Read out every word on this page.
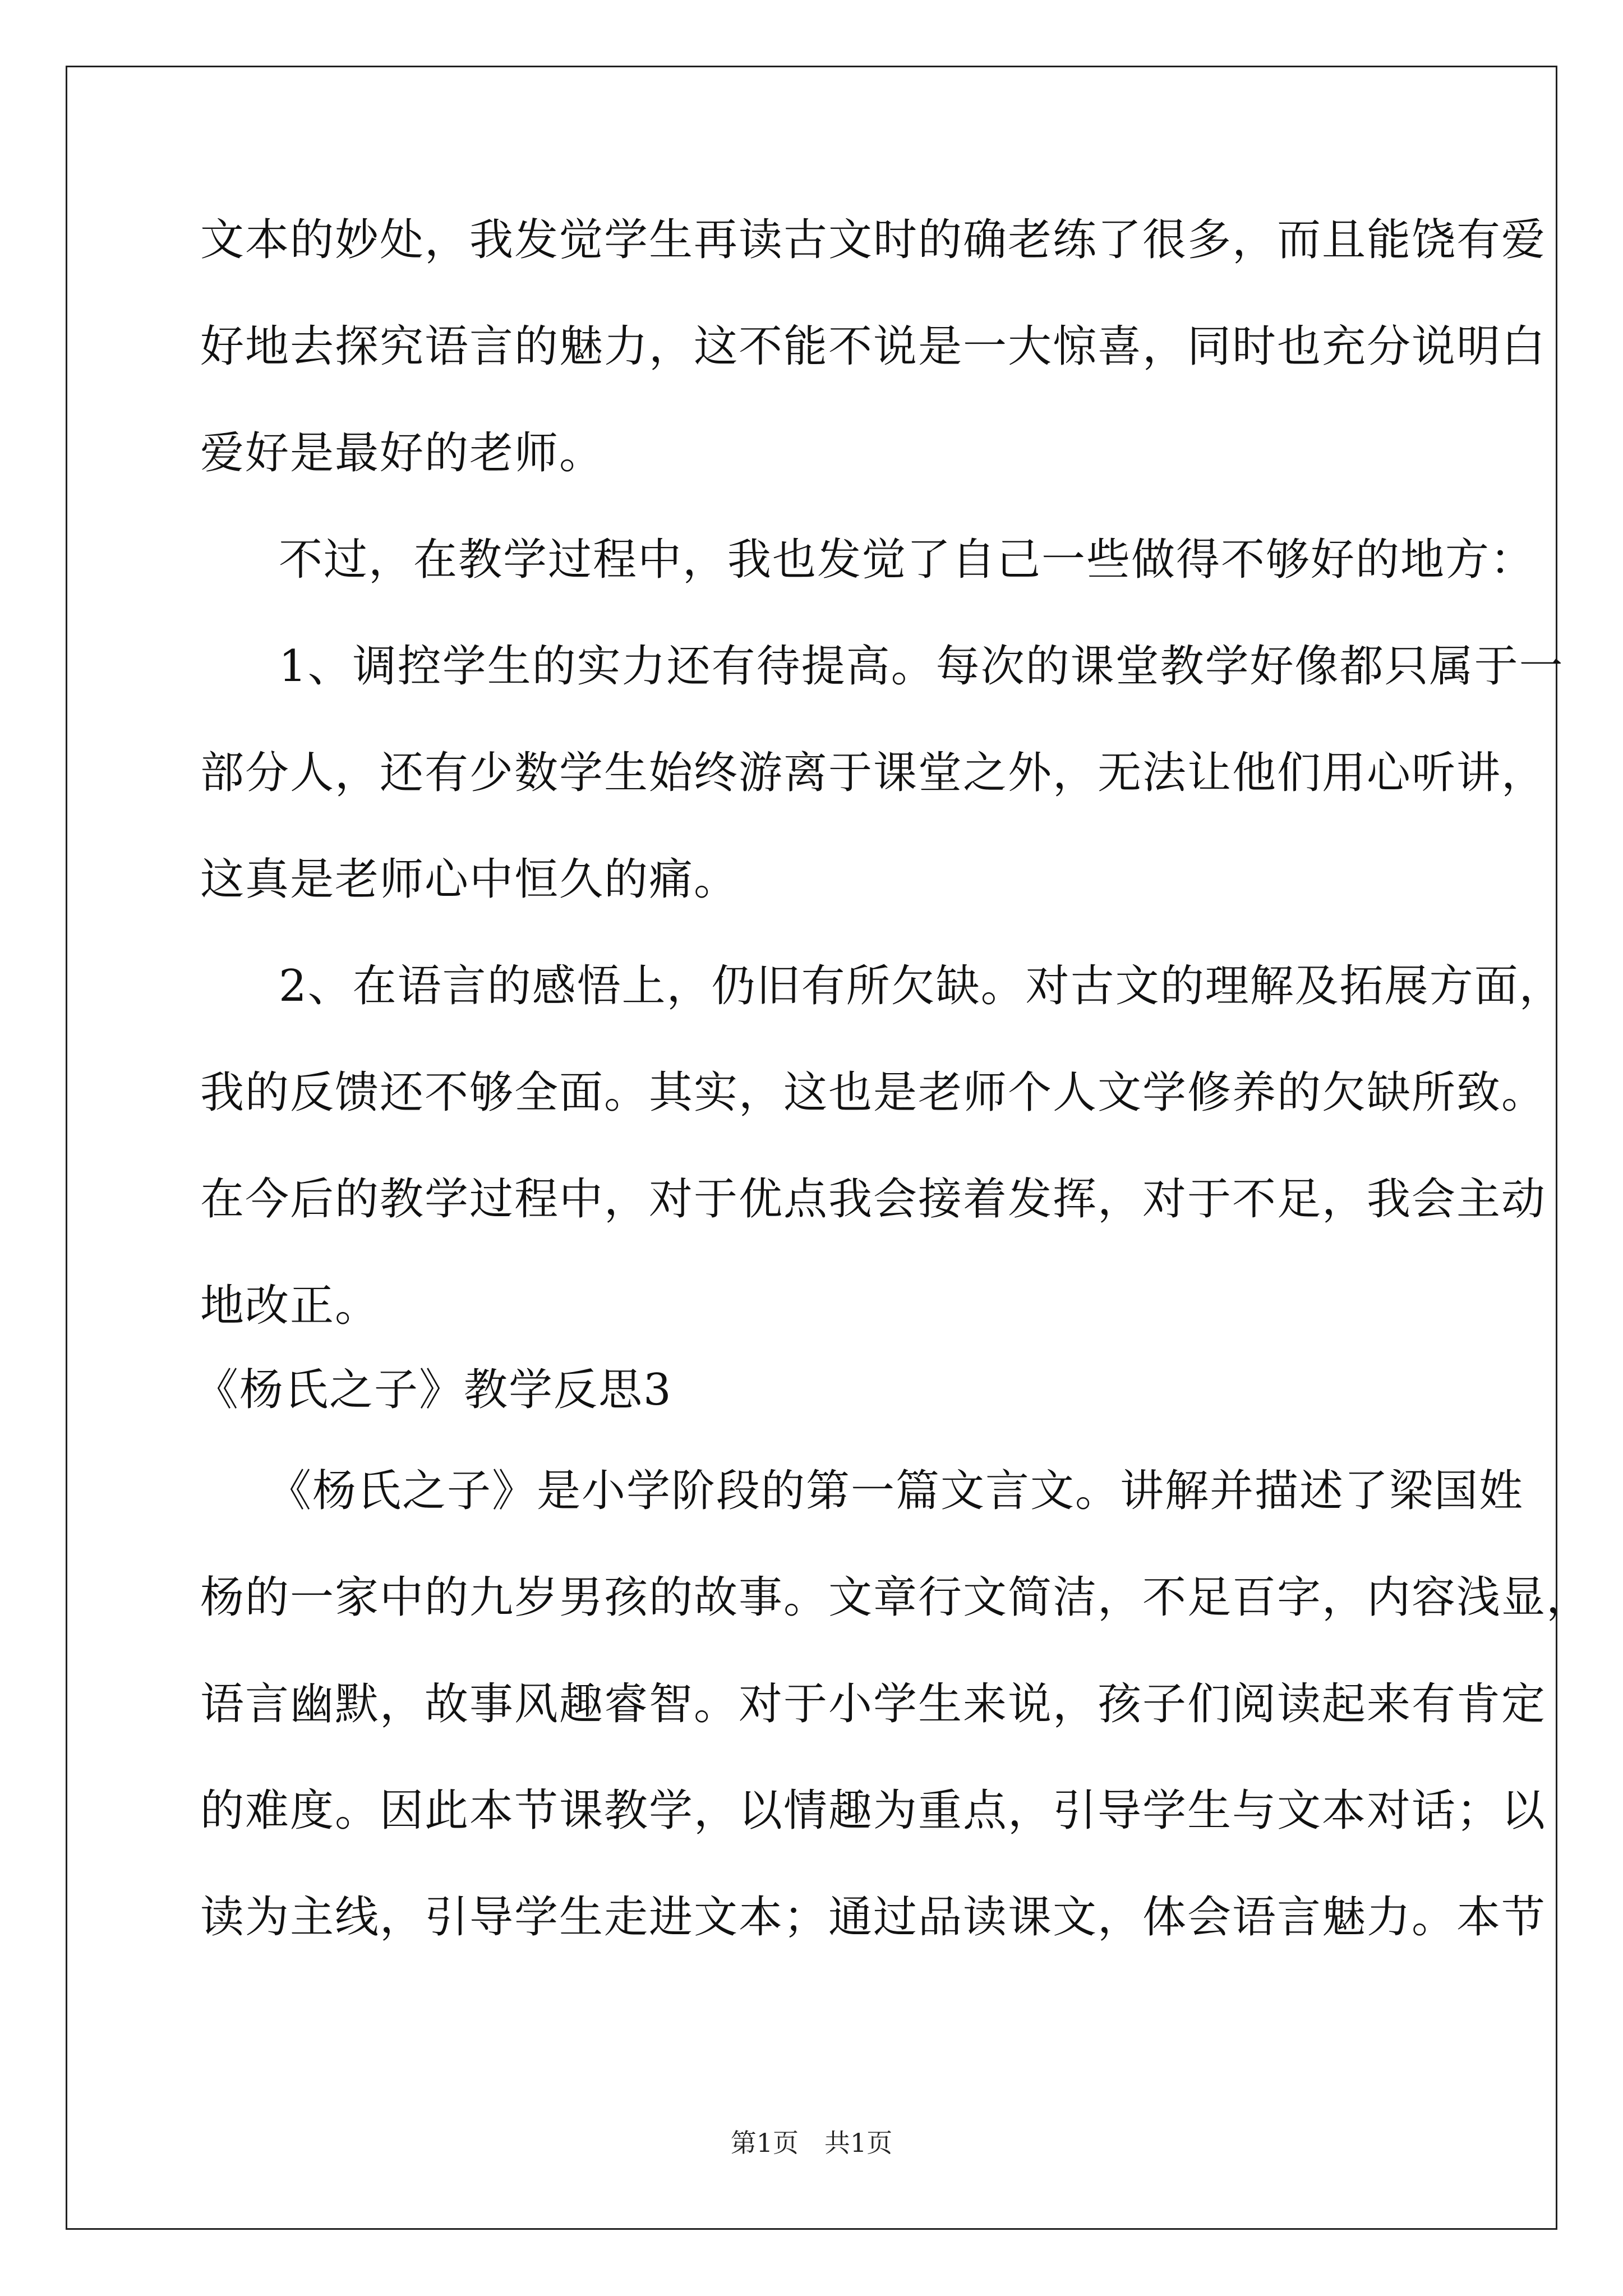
文本的妙处，我发觉学生再读古文时的确老练了很多，而且能饶有爱
好地去探究语言的魅力，这不能不说是一大惊喜，同时也充分说明白
爱好是最好的老师。
不过，在教学过程中，我也发觉了自己一些做得不够好的地方：
1、调控学生的实力还有待提高。每次的课堂教学好像都只属于一
部分人，还有少数学生始终游离于课堂之外，无法让他们用心听讲，
这真是老师心中恒久的痛。
2、在语言的感悟上，仍旧有所欠缺。对古文的理解及拓展方面，
我的反馈还不够全面。其实，这也是老师个人文学修养的欠缺所致。
在今后的教学过程中，对于优点我会接着发挥，对于不足，我会主动
地改正。
《杨氏之子》教学反思3
《杨氏之子》是小学阶段的第一篇文言文。讲解并描述了梁国姓
杨的一家中的九岁男孩的故事。文章行文简洁，不足百字，内容浅显，
语言幽默，故事风趣睿智。对于小学生来说，孩子们阅读起来有肯定
的难度。因此本节课教学，以情趣为重点，引导学生与文本对话；以
读为主线，引导学生走进文本；通过品读课文，体会语言魅力。本节
第1页　共1页
